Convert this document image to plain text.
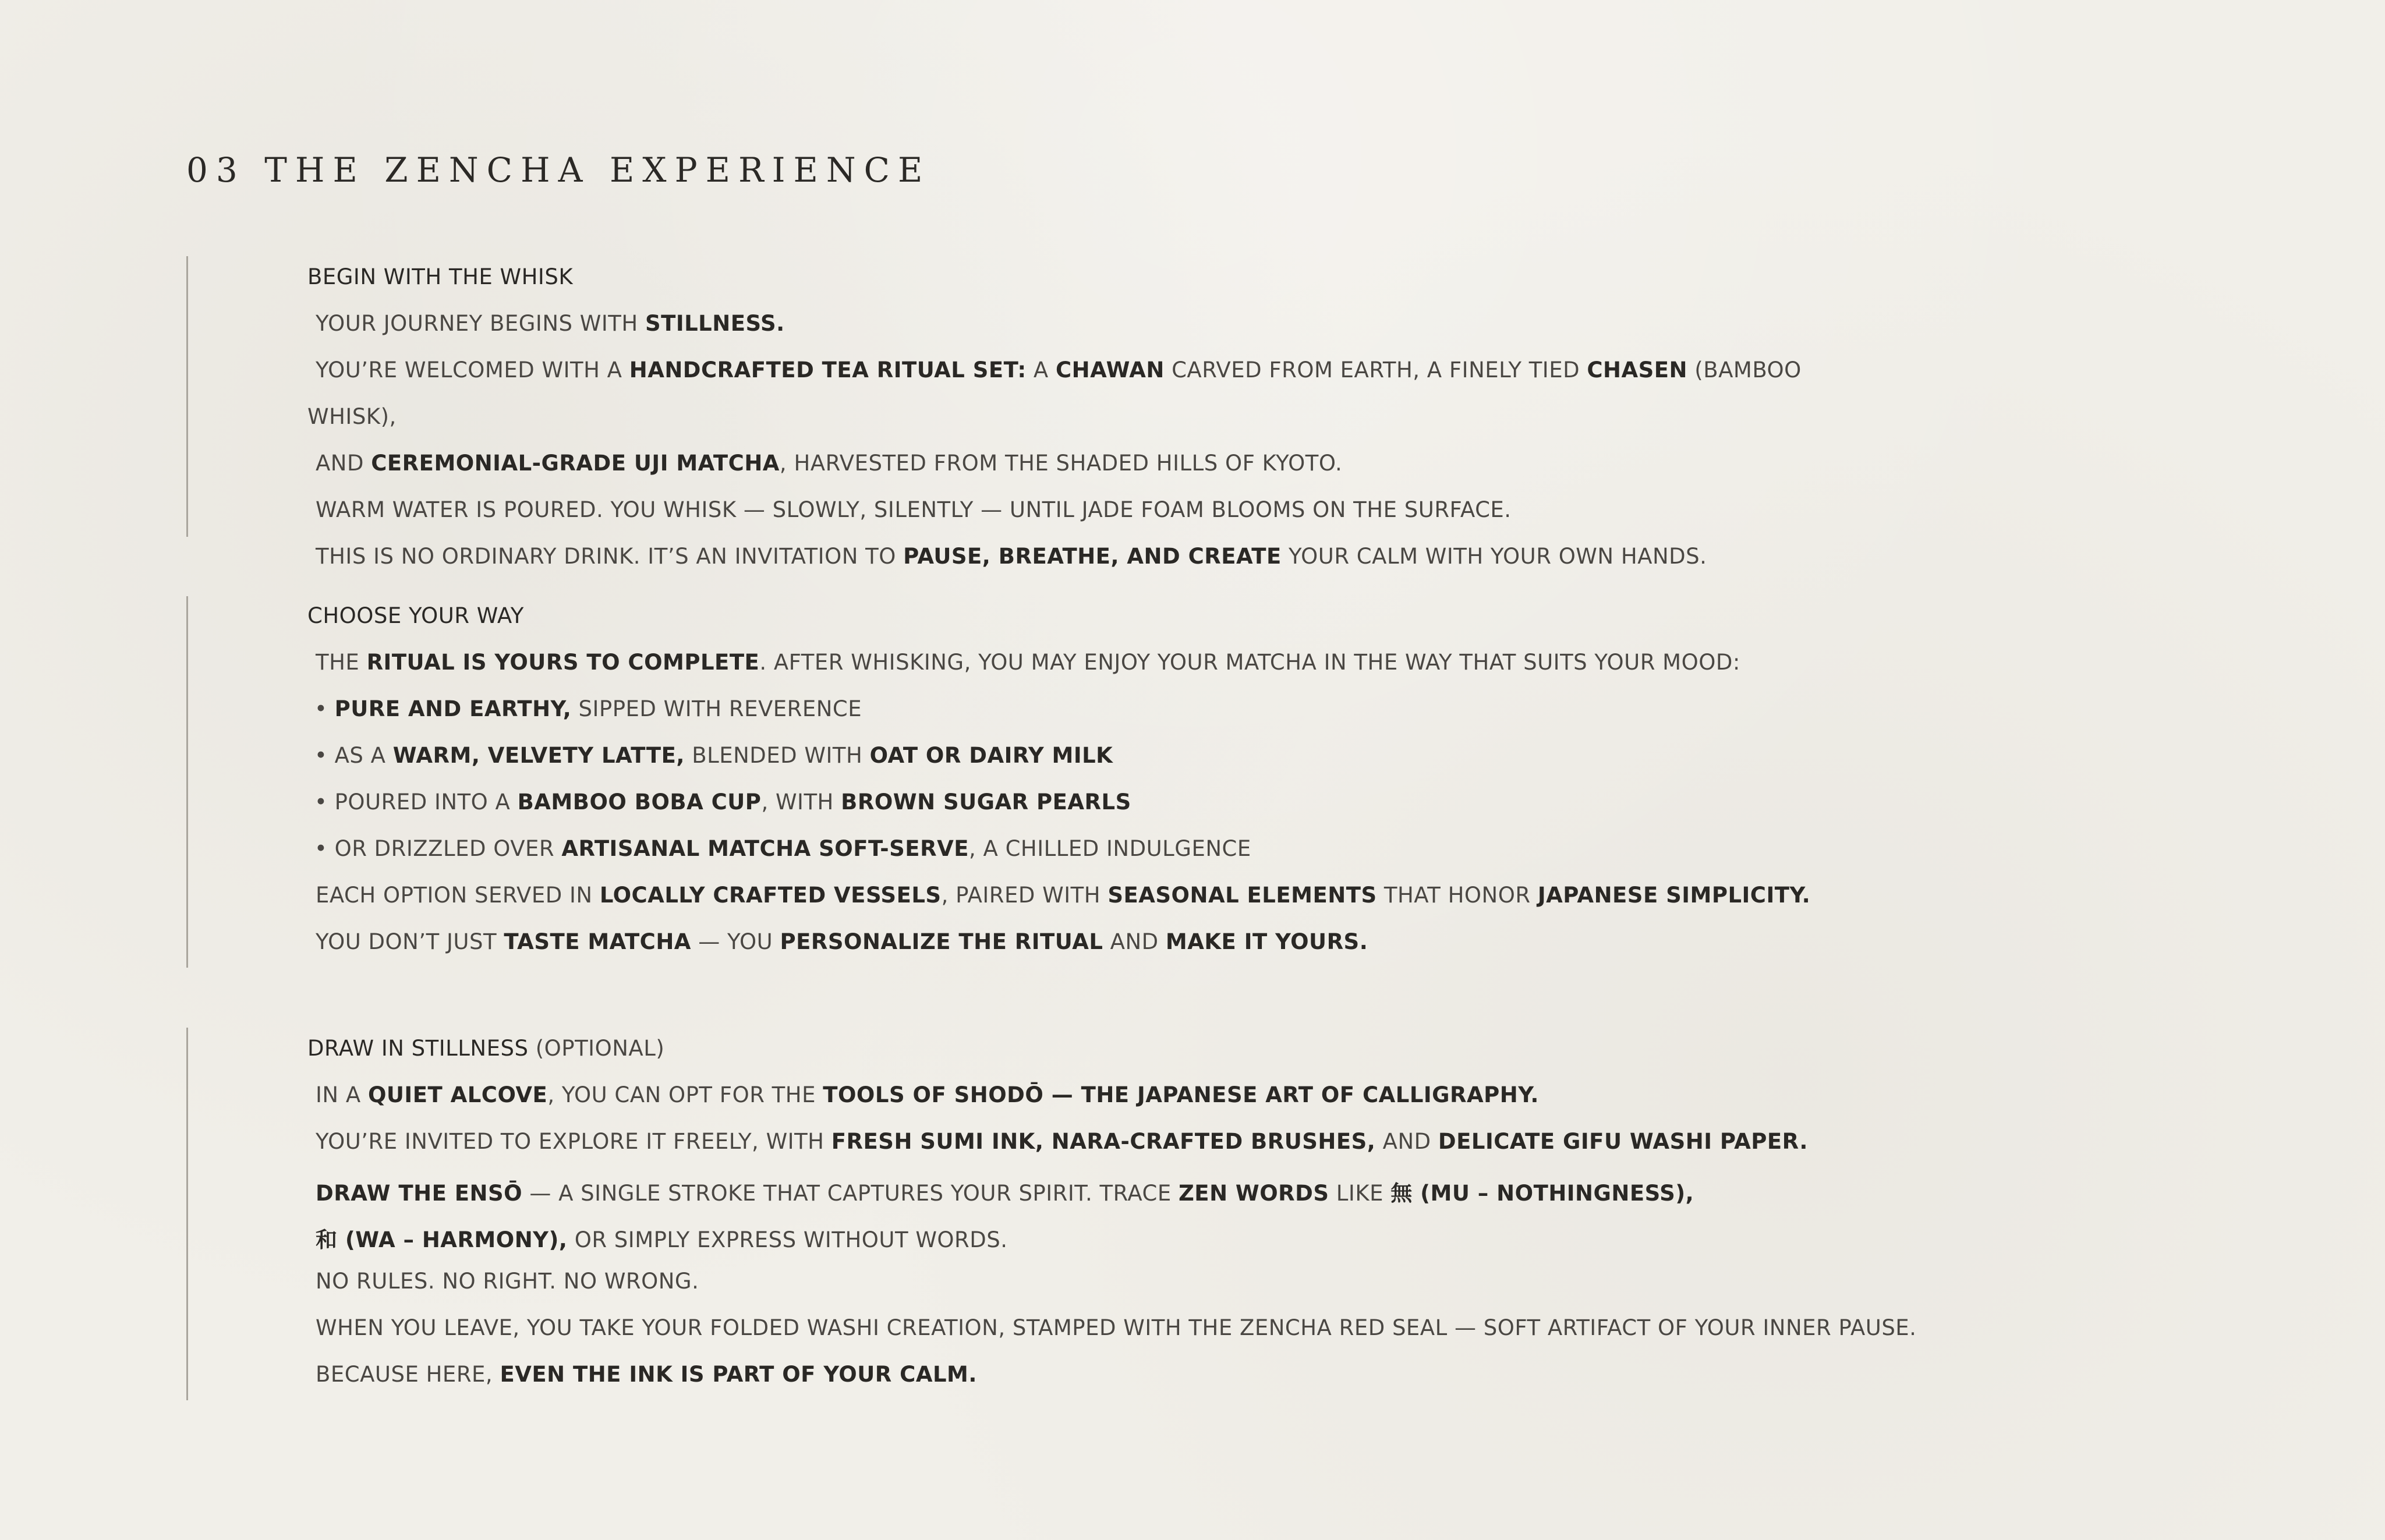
03 THE ZENCHA EXPERIENCE
BEGIN WITH THE WHISK
YOUR JOURNEY BEGINS WITH STILLNESS.
YOU’RE WELCOMED WITH A HANDCRAFTED TEA RITUAL SET: A CHAWAN CARVED FROM EARTH, A FINELY TIED CHASEN (BAMBOO
WHISK),
AND CEREMONIAL-GRADE UJI MATCHA, HARVESTED FROM THE SHADED HILLS OF KYOTO.
WARM WATER IS POURED. YOU WHISK — SLOWLY, SILENTLY — UNTIL JADE FOAM BLOOMS ON THE SURFACE.
THIS IS NO ORDINARY DRINK. IT’S AN INVITATION TO PAUSE, BREATHE, AND CREATE YOUR CALM WITH YOUR OWN HANDS.
CHOOSE YOUR WAY
THE RITUAL IS YOURS TO COMPLETE. AFTER WHISKING, YOU MAY ENJOY YOUR MATCHA IN THE WAY THAT SUITS YOUR MOOD:
• PURE AND EARTHY, SIPPED WITH REVERENCE
• AS A WARM, VELVETY LATTE, BLENDED WITH OAT OR DAIRY MILK
• POURED INTO A BAMBOO BOBA CUP, WITH BROWN SUGAR PEARLS
• OR DRIZZLED OVER ARTISANAL MATCHA SOFT-SERVE, A CHILLED INDULGENCE
EACH OPTION SERVED IN LOCALLY CRAFTED VESSELS, PAIRED WITH SEASONAL ELEMENTS THAT HONOR JAPANESE SIMPLICITY.
YOU DON’T JUST TASTE MATCHA — YOU PERSONALIZE THE RITUAL AND MAKE IT YOURS.
DRAW IN STILLNESS (OPTIONAL)
IN A QUIET ALCOVE, YOU CAN OPT FOR THE TOOLS OF SHODŌ — THE JAPANESE ART OF CALLIGRAPHY.
YOU’RE INVITED TO EXPLORE IT FREELY, WITH FRESH SUMI INK, NARA-CRAFTED BRUSHES, AND DELICATE GIFU WASHI PAPER.
DRAW THE ENSŌ — A SINGLE STROKE THAT CAPTURES YOUR SPIRIT. TRACE ZEN WORDS LIKE 無 (MU – NOTHINGNESS),
和 (WA – HARMONY), OR SIMPLY EXPRESS WITHOUT WORDS.
NO RULES. NO RIGHT. NO WRONG.
WHEN YOU LEAVE, YOU TAKE YOUR FOLDED WASHI CREATION, STAMPED WITH THE ZENCHA RED SEAL — SOFT ARTIFACT OF YOUR INNER PAUSE.
BECAUSE HERE, EVEN THE INK IS PART OF YOUR CALM.
